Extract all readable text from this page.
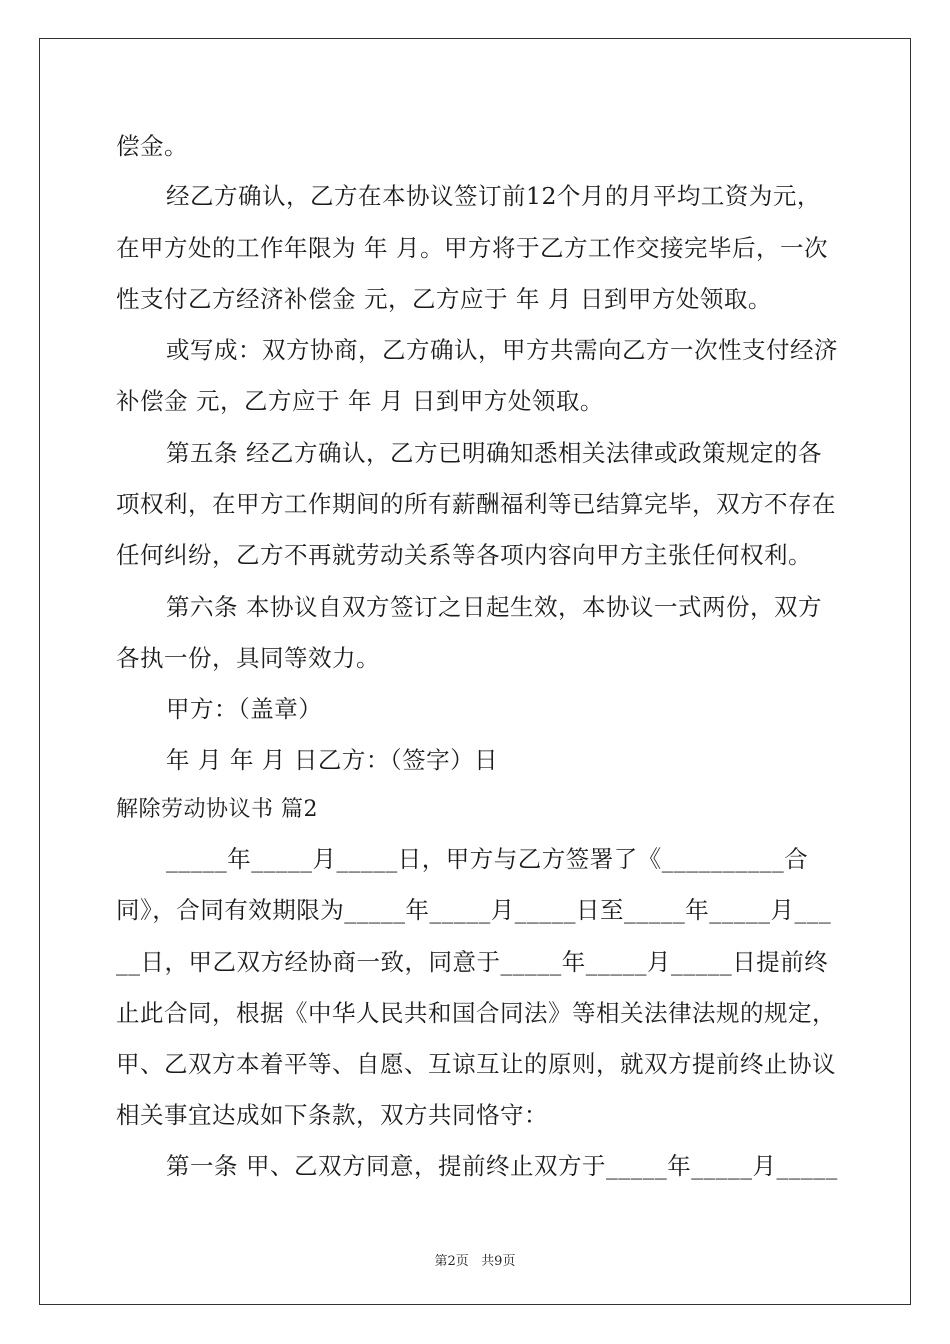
偿金。
经乙方确认，乙方在本协议签订前12个月的月平均工资为元，
在甲方处的工作年限为 年 月。甲方将于乙方工作交接完毕后，一次
性支付乙方经济补偿金 元，乙方应于 年 月 日到甲方处领取。
或写成：双方协商，乙方确认，甲方共需向乙方一次性支付经济
补偿金 元，乙方应于 年 月 日到甲方处领取。
第五条 经乙方确认，乙方已明确知悉相关法律或政策规定的各
项权利，在甲方工作期间的所有薪酬福利等已结算完毕，双方不存在
任何纠纷，乙方不再就劳动关系等各项内容向甲方主张任何权利。
第六条 本协议自双方签订之日起生效，本协议一式两份，双方
各执一份，具同等效力。
甲方：（盖章）
年 月 年 月 日乙方：（签字）日
解除劳动协议书 篇2
_____年_____月_____日，甲方与乙方签署了《__________合
同》，合同有效期限为_____年_____月_____日至_____年_____月___
__日，甲乙双方经协商一致，同意于_____年_____月_____日提前终
止此合同，根据《中华人民共和国合同法》等相关法律法规的规定，
甲、乙双方本着平等、自愿、互谅互让的原则，就双方提前终止协议
相关事宜达成如下条款，双方共同恪守：
第一条 甲、乙双方同意，提前终止双方于_____年_____月_____
第2页   共9页
